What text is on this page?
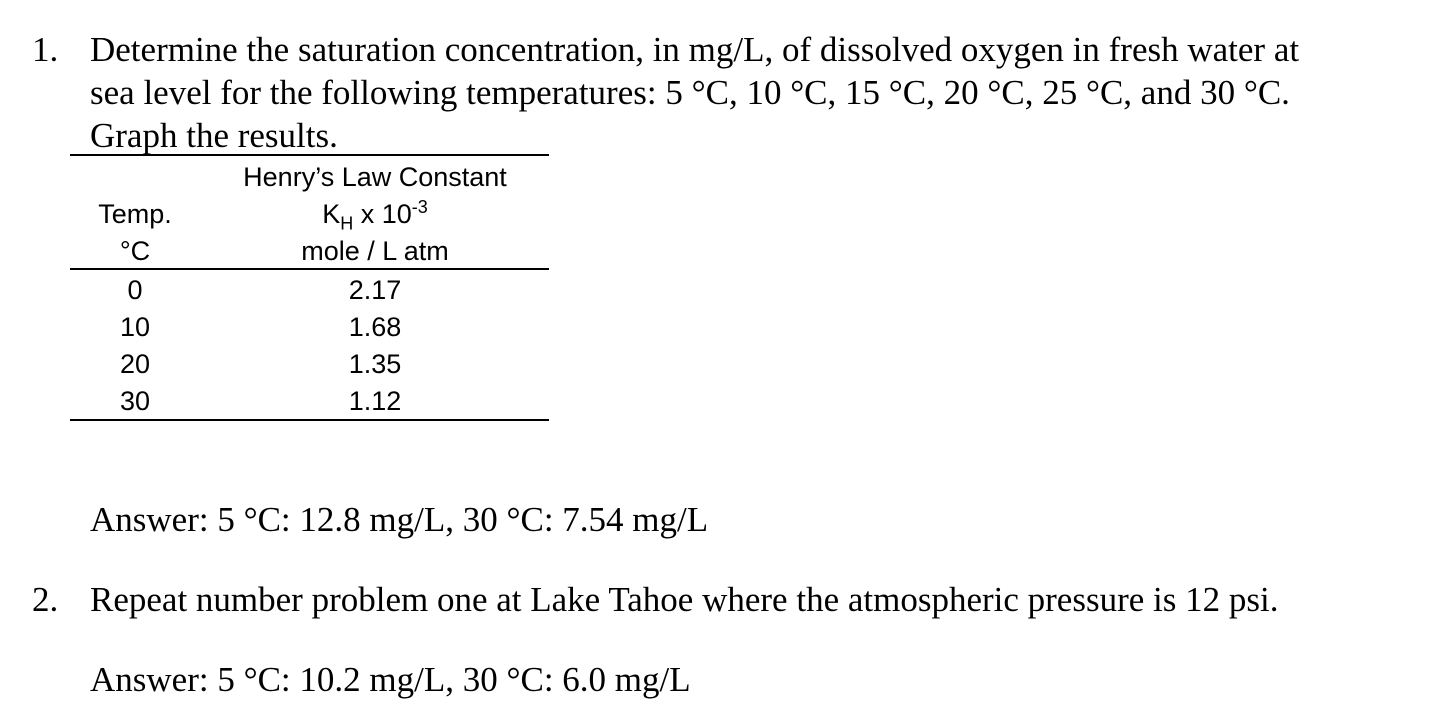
1. Determine the saturation concentration, in mg/L, of dissolved oxygen in fresh water at
sea level for the following temperatures: 5 °C, 10 °C, 15 °C, 20 °C, 25 °C, and 30 °C.
Graph the results.
Temp.
°C
Henry’s Law Constant
$K_H$ x $10^{-3}$
mole / L atm
0
10
20
30
2.17
1.68
1.35
1.12
Answer: 5 °C: 12.8 mg/L, 30 °C: 7.54 mg/L
2. Repeat number problem one at Lake Tahoe where the atmospheric pressure is 12 psi.
Answer: 5 °C: 10.2 mg/L, 30 °C: 6.0 mg/L
